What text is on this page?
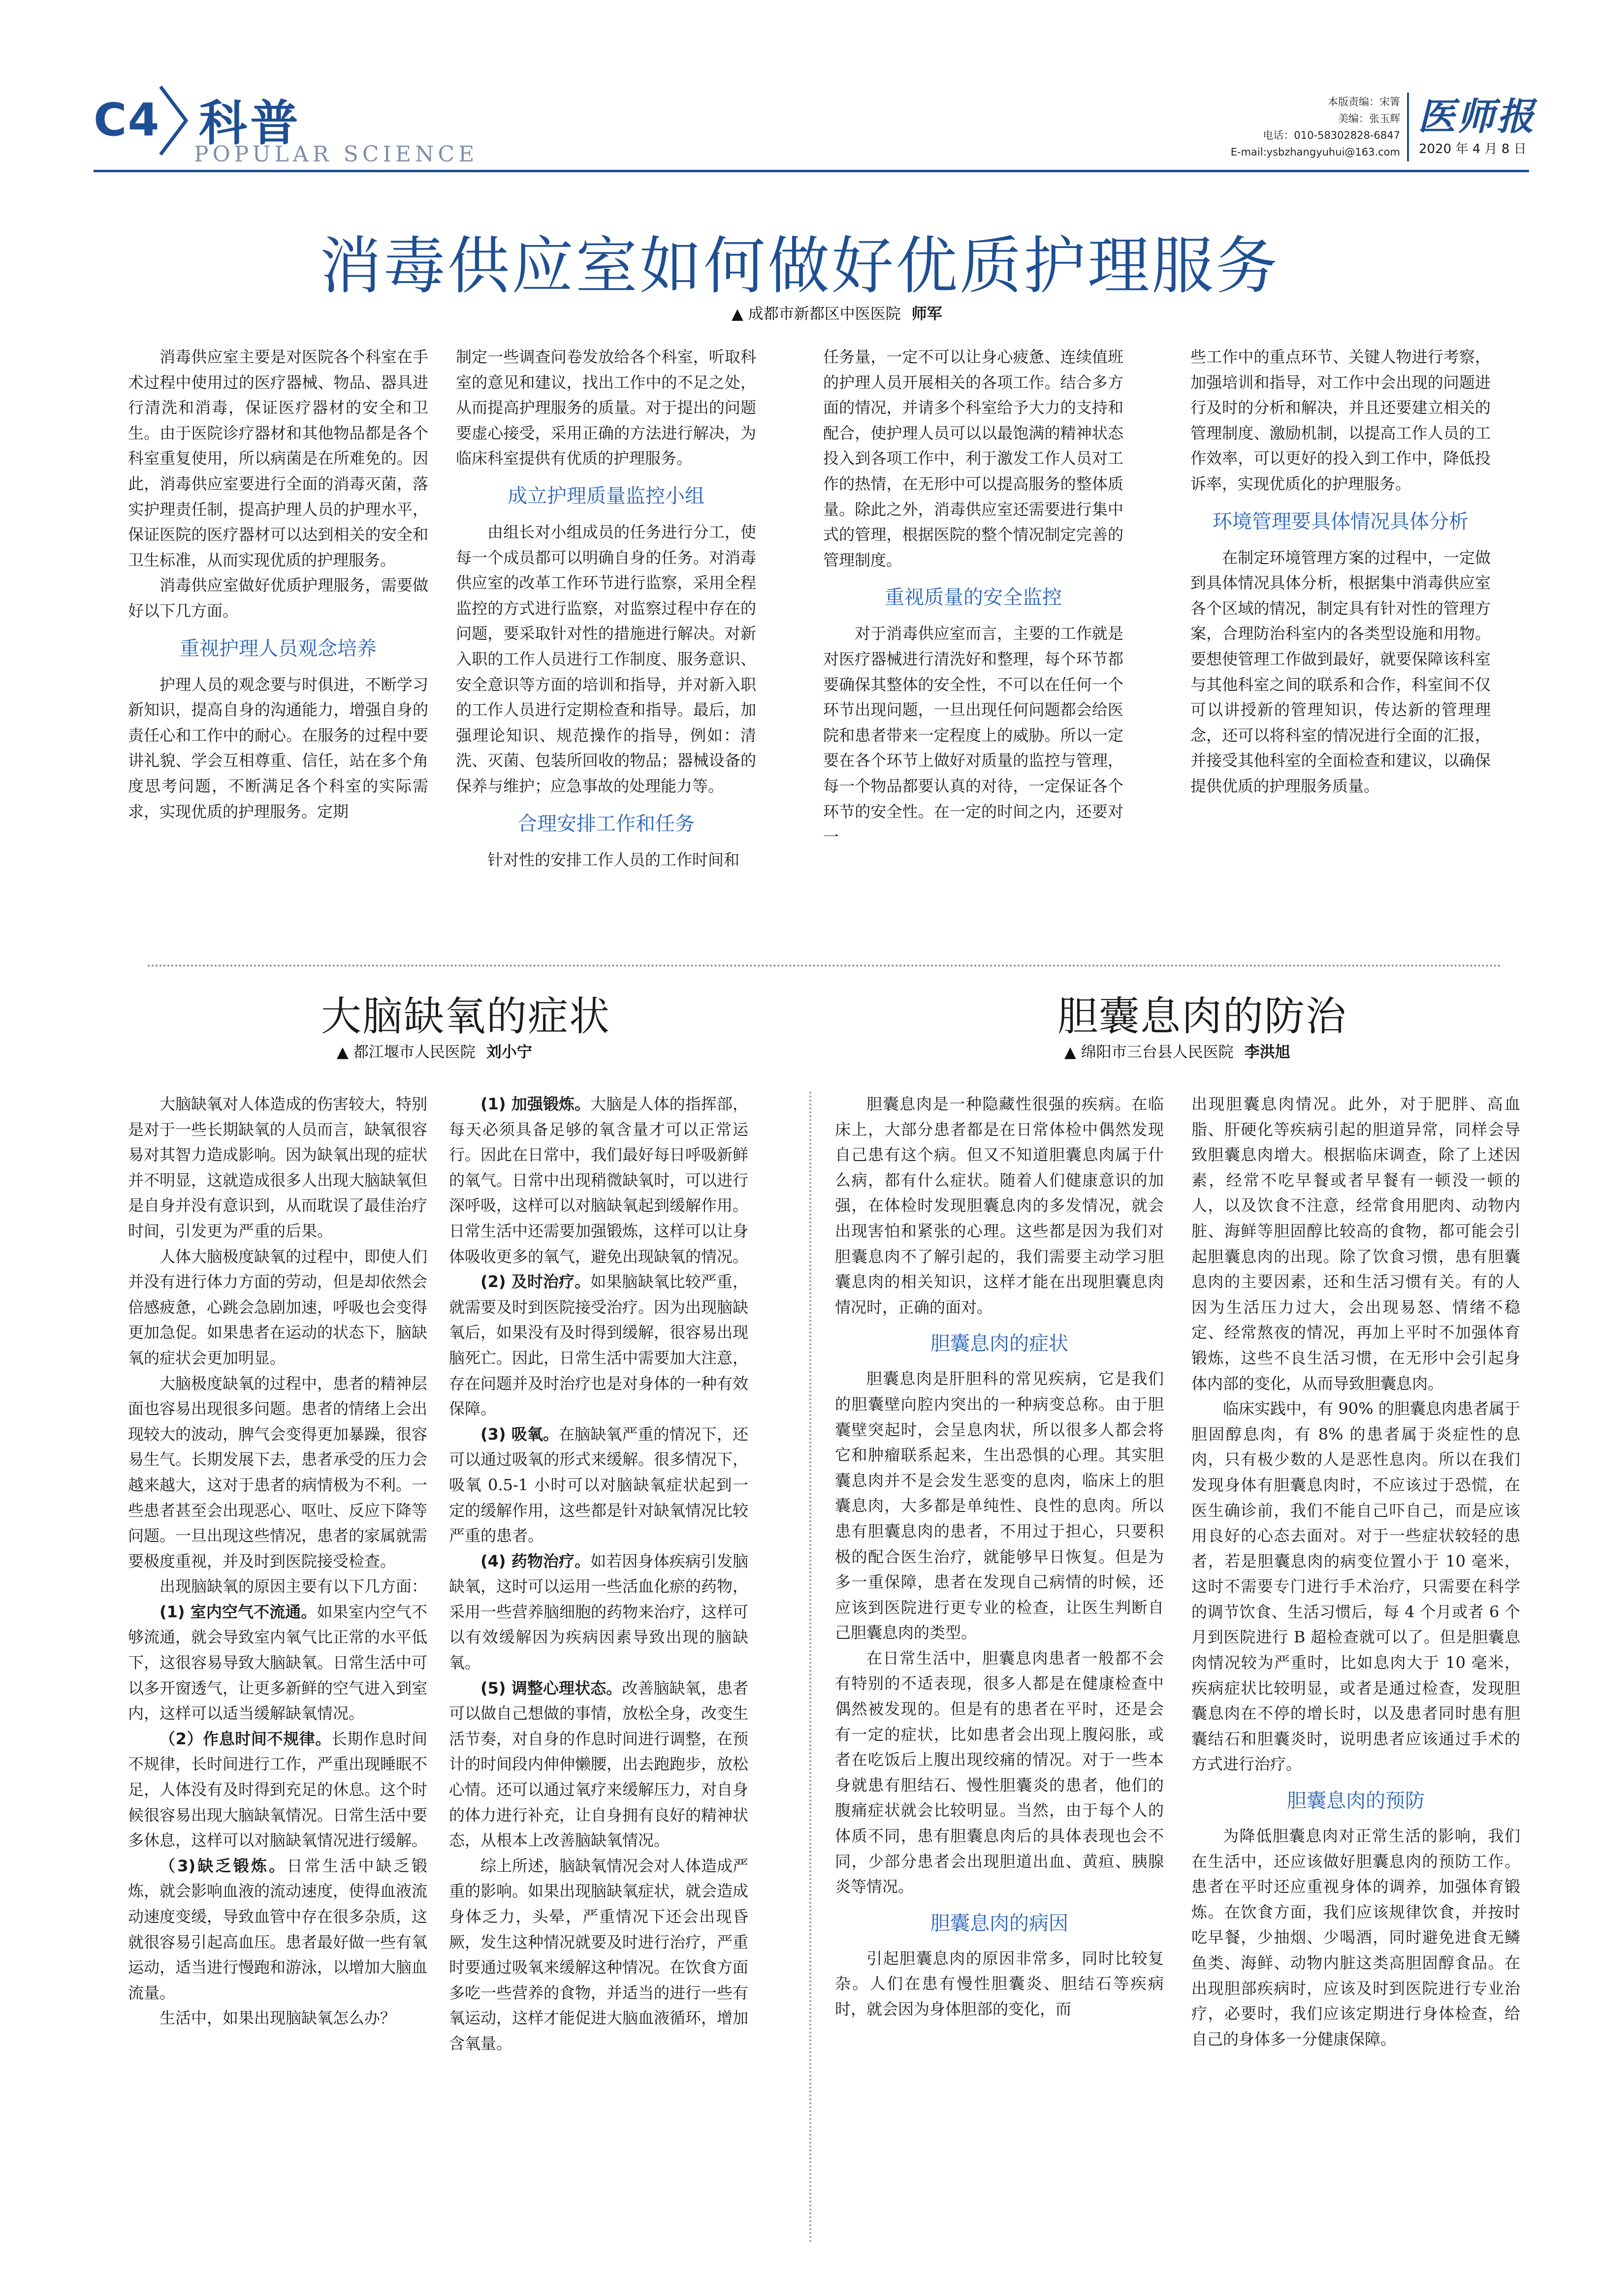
C4 科普
POPULAR SCIENCE
本版责编：宋箐
美编：张玉辉
电话：010-58302828-6847
E-mail:ysbzhangyuhui@163.com
医师报
2020 年 4 月 8 日
消毒供应室如何做好优质护理服务
▲ 成都市新都区中医医院 师军

消毒供应室主要是对医院各个科室在手术过程中使用过的医疗器械、物品、器具进行清洗和消毒，保证医疗器材的安全和卫生。由于医院诊疗器材和其他物品都是各个科室重复使用，所以病菌是在所难免的。因此，消毒供应室要进行全面的消毒灭菌，落实护理责任制，提高护理人员的护理水平，保证医院的医疗器材可以达到相关的安全和卫生标准，从而实现优质的护理服务。

消毒供应室做好优质护理服务，需要做好以下几方面。

重视护理人员观念培养

护理人员的观念要与时俱进，不断学习新知识，提高自身的沟通能力，增强自身的责任心和工作中的耐心。在服务的过程中要讲礼貌、学会互相尊重、信任，站在多个角度思考问题，不断满足各个科室的实际需求，实现优质的护理服务。定期

制定一些调查问卷发放给各个科室，听取科室的意见和建议，找出工作中的不足之处，从而提高护理服务的质量。对于提出的问题要虚心接受，采用正确的方法进行解决，为临床科室提供有优质的护理服务。

成立护理质量监控小组

由组长对小组成员的任务进行分工，使每一个成员都可以明确自身的任务。对消毒供应室的改革工作环节进行监察，采用全程监控的方式进行监察，对监察过程中存在的问题，要采取针对性的措施进行解决。对新入职的工作人员进行工作制度、服务意识、安全意识等方面的培训和指导，并对新入职的工作人员进行定期检查和指导。最后，加强理论知识、规范操作的指导，例如：清洗、灭菌、包装所回收的物品；器械设备的保养与维护；应急事故的处理能力等。

合理安排工作和任务

针对性的安排工作人员的工作时间和

任务量，一定不可以让身心疲惫、连续值班的护理人员开展相关的各项工作。结合多方面的情况，并请多个科室给予大力的支持和配合，使护理人员可以以最饱满的精神状态投入到各项工作中，利于激发工作人员对工作的热情，在无形中可以提高服务的整体质量。除此之外，消毒供应室还需要进行集中式的管理，根据医院的整个情况制定完善的管理制度。

重视质量的安全监控

对于消毒供应室而言，主要的工作就是对医疗器械进行清洗好和整理，每个环节都要确保其整体的安全性，不可以在任何一个环节出现问题，一旦出现任何问题都会给医院和患者带来一定程度上的威胁。所以一定要在各个环节上做好对质量的监控与管理，每一个物品都要认真的对待，一定保证各个环节的安全性。在一定的时间之内，还要对一

些工作中的重点环节、关键人物进行考察，加强培训和指导，对工作中会出现的问题进行及时的分析和解决，并且还要建立相关的管理制度、激励机制，以提高工作人员的工作效率，可以更好的投入到工作中，降低投诉率，实现优质化的护理服务。

环境管理要具体情况具体分析

在制定环境管理方案的过程中，一定做到具体情况具体分析，根据集中消毒供应室各个区域的情况，制定具有针对性的管理方案，合理防治科室内的各类型设施和用物。要想使管理工作做到最好，就要保障该科室与其他科室之间的联系和合作，科室间不仅可以讲授新的管理知识，传达新的管理理念，还可以将科室的情况进行全面的汇报，并接受其他科室的全面检查和建议，以确保提供优质的护理服务质量。

大脑缺氧的症状
▲ 都江堰市人民医院 刘小宁

大脑缺氧对人体造成的伤害较大，特别是对于一些长期缺氧的人员而言，缺氧很容易对其智力造成影响。因为缺氧出现的症状并不明显，这就造成很多人出现大脑缺氧但是自身并没有意识到，从而耽误了最佳治疗时间，引发更为严重的后果。

人体大脑极度缺氧的过程中，即使人们并没有进行体力方面的劳动，但是却依然会倍感疲惫，心跳会急剧加速，呼吸也会变得更加急促。如果患者在运动的状态下，脑缺氧的症状会更加明显。

大脑极度缺氧的过程中，患者的精神层面也容易出现很多问题。患者的情绪上会出现较大的波动，脾气会变得更加暴躁，很容易生气。长期发展下去，患者承受的压力会越来越大，这对于患者的病情极为不利。一些患者甚至会出现恶心、呕吐、反应下降等问题。一旦出现这些情况，患者的家属就需要极度重视，并及时到医院接受检查。

出现脑缺氧的原因主要有以下几方面：

(1) 室内空气不流通。如果室内空气不够流通，就会导致室内氧气比正常的水平低下，这很容易导致大脑缺氧。日常生活中可以多开窗透气，让更多新鲜的空气进入到室内，这样可以适当缓解缺氧情况。

（2）作息时间不规律。长期作息时间不规律，长时间进行工作，严重出现睡眠不足，人体没有及时得到充足的休息。这个时候很容易出现大脑缺氧情况。日常生活中要多休息，这样可以对脑缺氧情况进行缓解。

（3)缺乏锻炼。日常生活中缺乏锻炼，就会影响血液的流动速度，使得血液流动速度变缓，导致血管中存在很多杂质，这就很容易引起高血压。患者最好做一些有氧运动，适当进行慢跑和游泳，以增加大脑血流量。

生活中，如果出现脑缺氧怎么办？

(1) 加强锻炼。大脑是人体的指挥部，每天必须具备足够的氧含量才可以正常运行。因此在日常中，我们最好每日呼吸新鲜的氧气。日常中出现稍微缺氧时，可以进行深呼吸，这样可以对脑缺氧起到缓解作用。日常生活中还需要加强锻炼，这样可以让身体吸收更多的氧气，避免出现缺氧的情况。

(2) 及时治疗。如果脑缺氧比较严重，就需要及时到医院接受治疗。因为出现脑缺氧后，如果没有及时得到缓解，很容易出现脑死亡。因此，日常生活中需要加大注意，存在问题并及时治疗也是对身体的一种有效保障。

(3) 吸氧。在脑缺氧严重的情况下，还可以通过吸氧的形式来缓解。很多情况下，吸氧 0.5-1 小时可以对脑缺氧症状起到一定的缓解作用，这些都是针对缺氧情况比较严重的患者。

(4) 药物治疗。如若因身体疾病引发脑缺氧，这时可以运用一些活血化瘀的药物，采用一些营养脑细胞的药物来治疗，这样可以有效缓解因为疾病因素导致出现的脑缺氧。

(5) 调整心理状态。改善脑缺氧，患者可以做自己想做的事情，放松全身，改变生活节奏，对自身的作息时间进行调整，在预计的时间段内伸伸懒腰，出去跑跑步，放松心情。还可以通过氧疗来缓解压力，对自身的体力进行补充，让自身拥有良好的精神状态，从根本上改善脑缺氧情况。

综上所述，脑缺氧情况会对人体造成严重的影响。如果出现脑缺氧症状，就会造成身体乏力，头晕，严重情况下还会出现昏厥，发生这种情况就要及时进行治疗，严重时要通过吸氧来缓解这种情况。在饮食方面多吃一些营养的食物，并适当的进行一些有氧运动，这样才能促进大脑血液循环，增加含氧量。

胆囊息肉的防治
▲ 绵阳市三台县人民医院 李洪旭

胆囊息肉是一种隐藏性很强的疾病。在临床上，大部分患者都是在日常体检中偶然发现自己患有这个病。但又不知道胆囊息肉属于什么病，都有什么症状。随着人们健康意识的加强，在体检时发现胆囊息肉的多发情况，就会出现害怕和紧张的心理。这些都是因为我们对胆囊息肉不了解引起的，我们需要主动学习胆囊息肉的相关知识，这样才能在出现胆囊息肉情况时，正确的面对。

胆囊息肉的症状

胆囊息肉是肝胆科的常见疾病，它是我们的胆囊壁向腔内突出的一种病变总称。由于胆囊壁突起时，会呈息肉状，所以很多人都会将它和肿瘤联系起来，生出恐惧的心理。其实胆囊息肉并不是会发生恶变的息肉，临床上的胆囊息肉，大多都是单纯性、良性的息肉。所以患有胆囊息肉的患者，不用过于担心，只要积极的配合医生治疗，就能够早日恢复。但是为多一重保障，患者在发现自己病情的时候，还应该到医院进行更专业的检查，让医生判断自己胆囊息肉的类型。

在日常生活中，胆囊息肉患者一般都不会有特别的不适表现，很多人都是在健康检查中偶然被发现的。但是有的患者在平时，还是会有一定的症状，比如患者会出现上腹闷胀，或者在吃饭后上腹出现绞痛的情况。对于一些本身就患有胆结石、慢性胆囊炎的患者，他们的腹痛症状就会比较明显。当然，由于每个人的体质不同，患有胆囊息肉后的具体表现也会不同，少部分患者会出现胆道出血、黄疸、胰腺炎等情况。

胆囊息肉的病因

引起胆囊息肉的原因非常多，同时比较复杂。人们在患有慢性胆囊炎、胆结石等疾病时，就会因为身体胆部的变化，而

出现胆囊息肉情况。此外，对于肥胖、高血脂、肝硬化等疾病引起的胆道异常，同样会导致胆囊息肉增大。根据临床调查，除了上述因素，经常不吃早餐或者早餐有一顿没一顿的人，以及饮食不注意，经常食用肥肉、动物内脏、海鲜等胆固醇比较高的食物，都可能会引起胆囊息肉的出现。除了饮食习惯，患有胆囊息肉的主要因素，还和生活习惯有关。有的人因为生活压力过大，会出现易怒、情绪不稳定、经常熬夜的情况，再加上平时不加强体育锻炼，这些不良生活习惯，在无形中会引起身体内部的变化，从而导致胆囊息肉。

临床实践中，有 90% 的胆囊息肉患者属于胆固醇息肉，有 8% 的患者属于炎症性的息肉，只有极少数的人是恶性息肉。所以在我们发现身体有胆囊息肉时，不应该过于恐慌，在医生确诊前，我们不能自己吓自己，而是应该用良好的心态去面对。对于一些症状较轻的患者，若是胆囊息肉的病变位置小于 10 毫米，这时不需要专门进行手术治疗，只需要在科学的调节饮食、生活习惯后，每 4 个月或者 6 个月到医院进行 B 超检查就可以了。但是胆囊息肉情况较为严重时，比如息肉大于 10 毫米，疾病症状比较明显，或者是通过检查，发现胆囊息肉在不停的增长时，以及患者同时患有胆囊结石和胆囊炎时，说明患者应该通过手术的方式进行治疗。

胆囊息肉的预防

为降低胆囊息肉对正常生活的影响，我们在生活中，还应该做好胆囊息肉的预防工作。患者在平时还应重视身体的调养，加强体育锻炼。在饮食方面，我们应该规律饮食，并按时吃早餐，少抽烟、少喝酒，同时避免进食无鳞鱼类、海鲜、动物内脏这类高胆固醇食品。在出现胆部疾病时，应该及时到医院进行专业治疗，必要时，我们应该定期进行身体检查，给自己的身体多一分健康保障。
